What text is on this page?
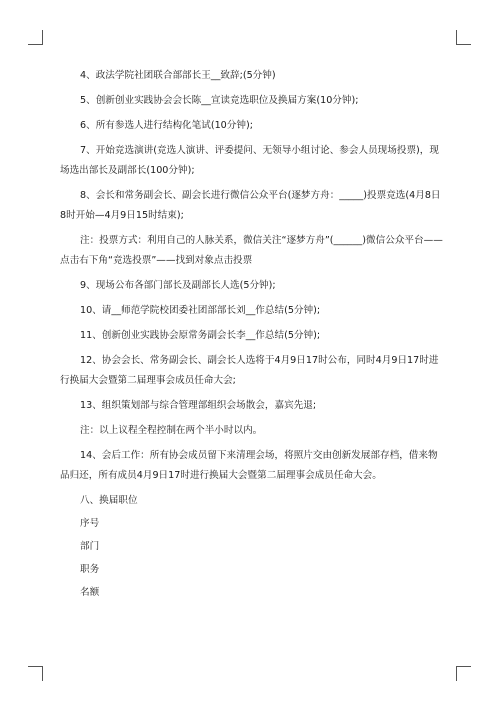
4、政法学院社团联合部部长王__致辞;(5分钟)

5、创新创业实践协会会长陈__宣读竞选职位及换届方案(10分钟);

6、所有参选人进行结构化笔试(10分钟);

7、开始竞选演讲(竞选人演讲、评委提问、无领导小组讨论、参会人员现场投票)，现场选出部长及副部长(100分钟);

8、会长和常务副会长、副会长进行微信公众平台(逐梦方舟：_____)投票竞选(4月8日8时开始—4月9日15时结束);

注：投票方式：利用自己的人脉关系，微信关注“逐梦方舟”(______)微信公众平台——点击右下角“竞选投票”——找到对象点击投票

9、现场公布各部门部长及副部长人选(5分钟);

10、请__师范学院校团委社团部部长刘__作总结(5分钟);

11、创新创业实践协会原常务副会长李__作总结(5分钟);

12、协会会长、常务副会长、副会长人选将于4月9日17时公布，同时4月9日17时进行换届大会暨第二届理事会成员任命大会;

13、组织策划部与综合管理部组织会场散会，嘉宾先退;

注：以上议程全程控制在两个半小时以内。

14、会后工作：所有协会成员留下来清理会场，将照片交由创新发展部存档，借来物品归还，所有成员4月9日17时进行换届大会暨第二届理事会成员任命大会。

八、换届职位

序号

部门

职务

名额
